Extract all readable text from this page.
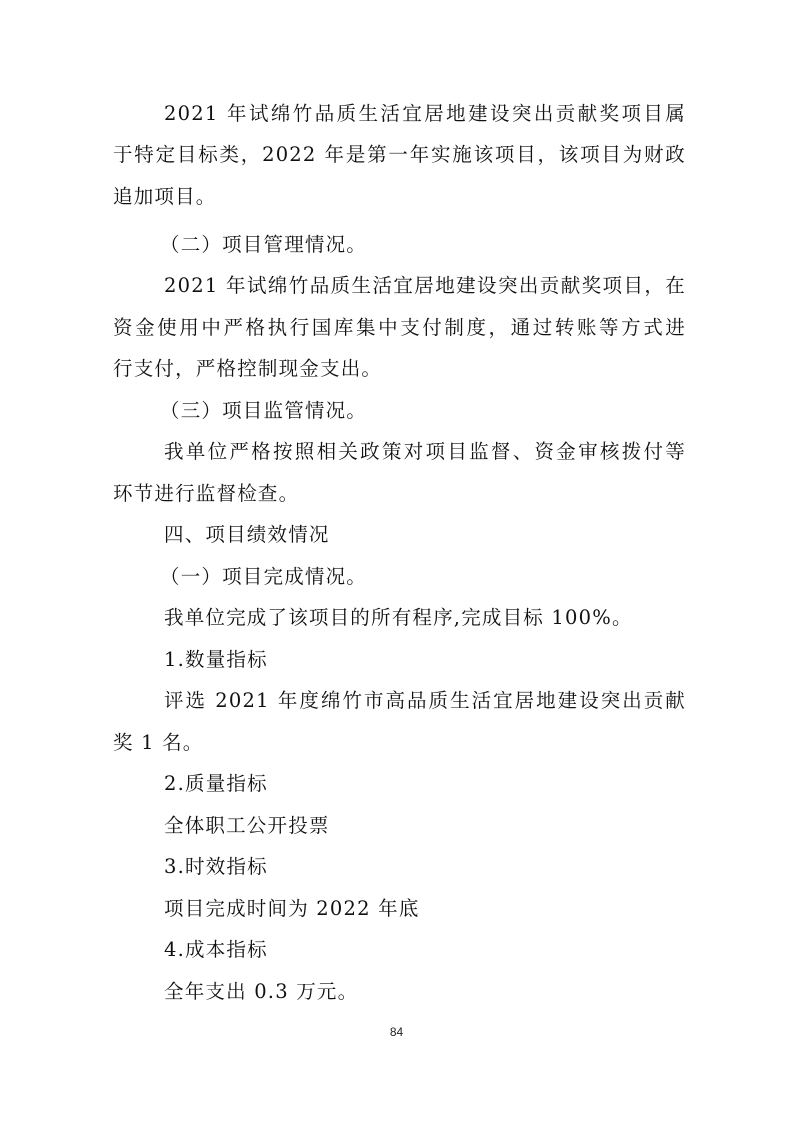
2021 年试绵竹品质生活宜居地建设突出贡献奖项目属
于特定目标类，2022 年是第一年实施该项目，该项目为财政
追加项目。
（二）项目管理情况。
2021 年试绵竹品质生活宜居地建设突出贡献奖项目，在
资金使用中严格执行国库集中支付制度，通过转账等方式进
行支付，严格控制现金支出。
（三）项目监管情况。
我单位严格按照相关政策对项目监督、资金审核拨付等
环节进行监督检查。
四、项目绩效情况
（一）项目完成情况。
我单位完成了该项目的所有程序,完成目标 100%。
1.数量指标
评选 2021 年度绵竹市高品质生活宜居地建设突出贡献
奖 1 名。
2.质量指标
全体职工公开投票
3.时效指标
项目完成时间为 2022 年底
4.成本指标
全年支出 0.3 万元。
84
